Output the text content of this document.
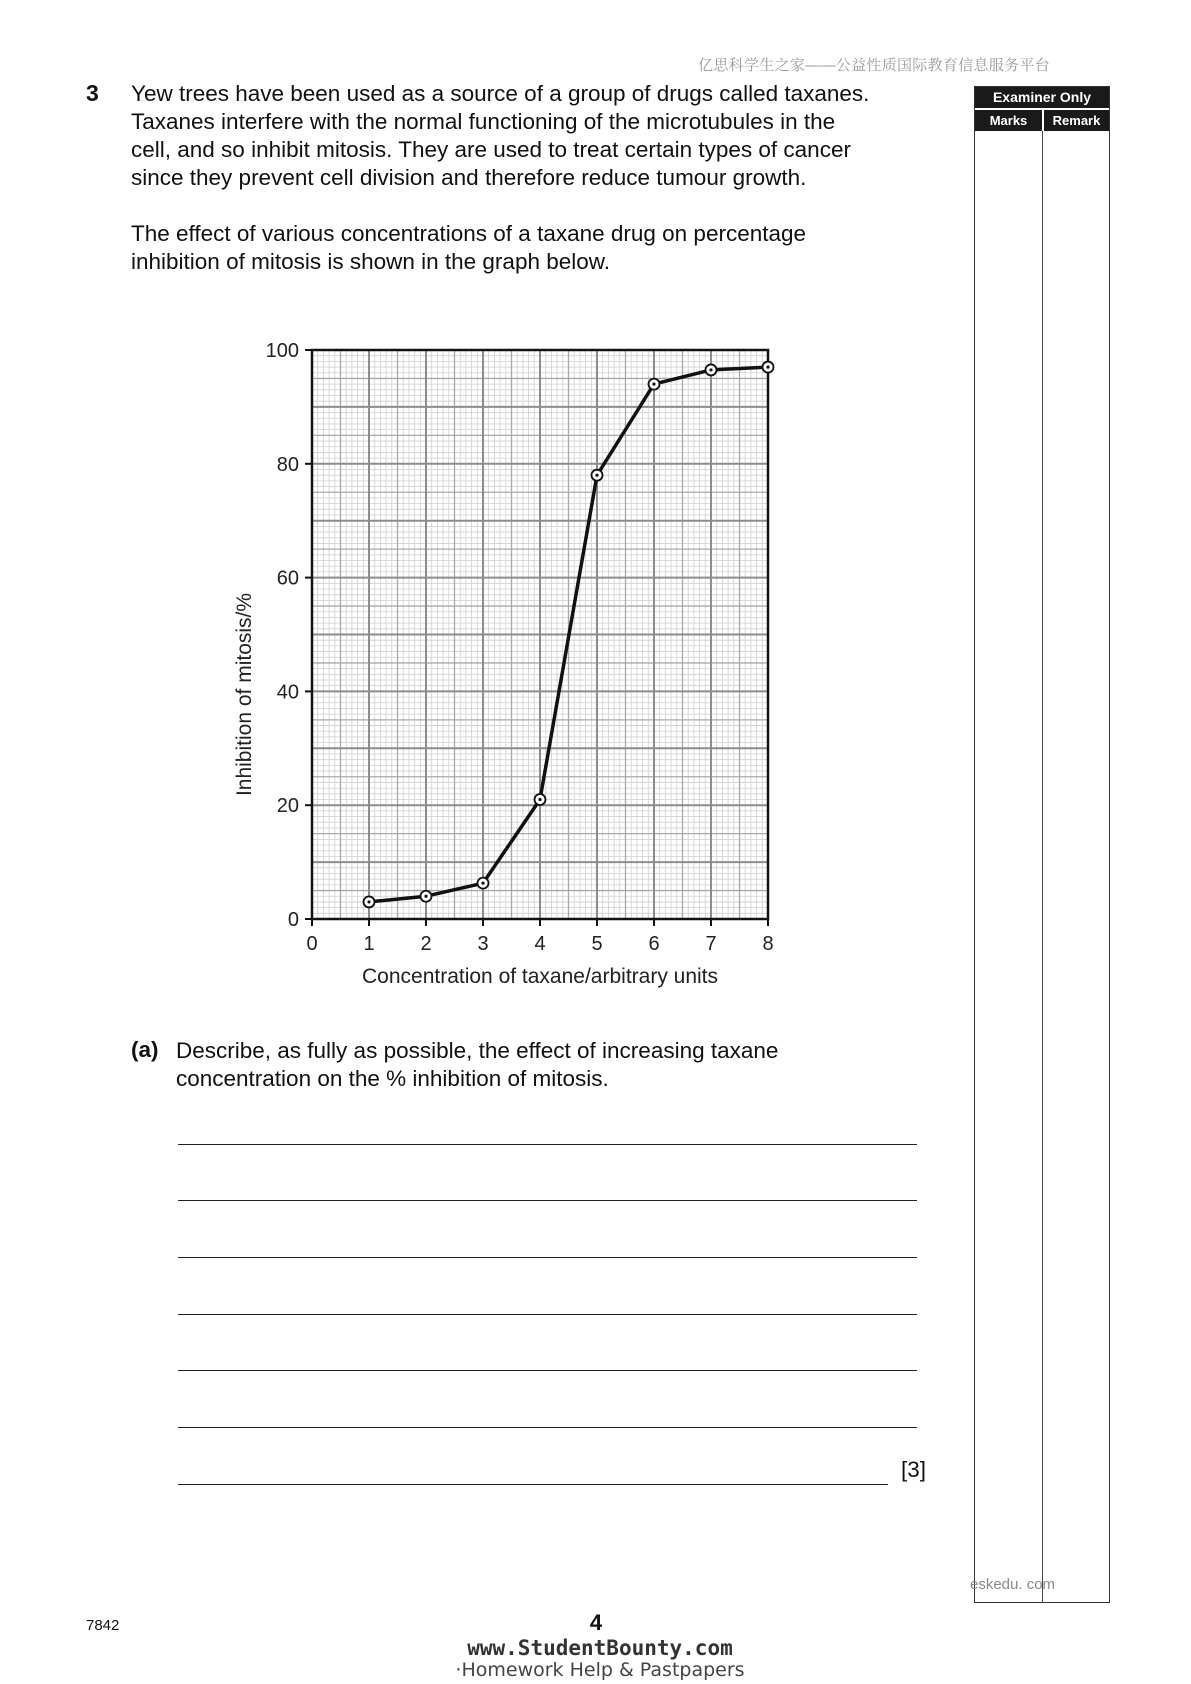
亿思科学生之家——公益性质国际教育信息服务平台
3 Yew trees have been used as a source of a group of drugs called taxanes.
Taxanes interfere with the normal functioning of the microtubules in the
cell, and so inhibit mitosis. They are used to treat certain types of cancer
since they prevent cell division and therefore reduce tumour growth.

The effect of various concentrations of a taxane drug on percentage
inhibition of mitosis is shown in the graph below.

Examiner Only
Marks	Remark
0 1 2 3 4 5 6 7 8
0
20
40
60
80
100
Concentration of taxane/arbitrary units
Inhibition of mitosis/%
(a) Describe, as fully as possible, the effect of increasing taxane
concentration on the % inhibition of mitosis.

[3]
eskedu. com
7842	4
www.StudentBounty.com
·Homework Help & Pastpapers
